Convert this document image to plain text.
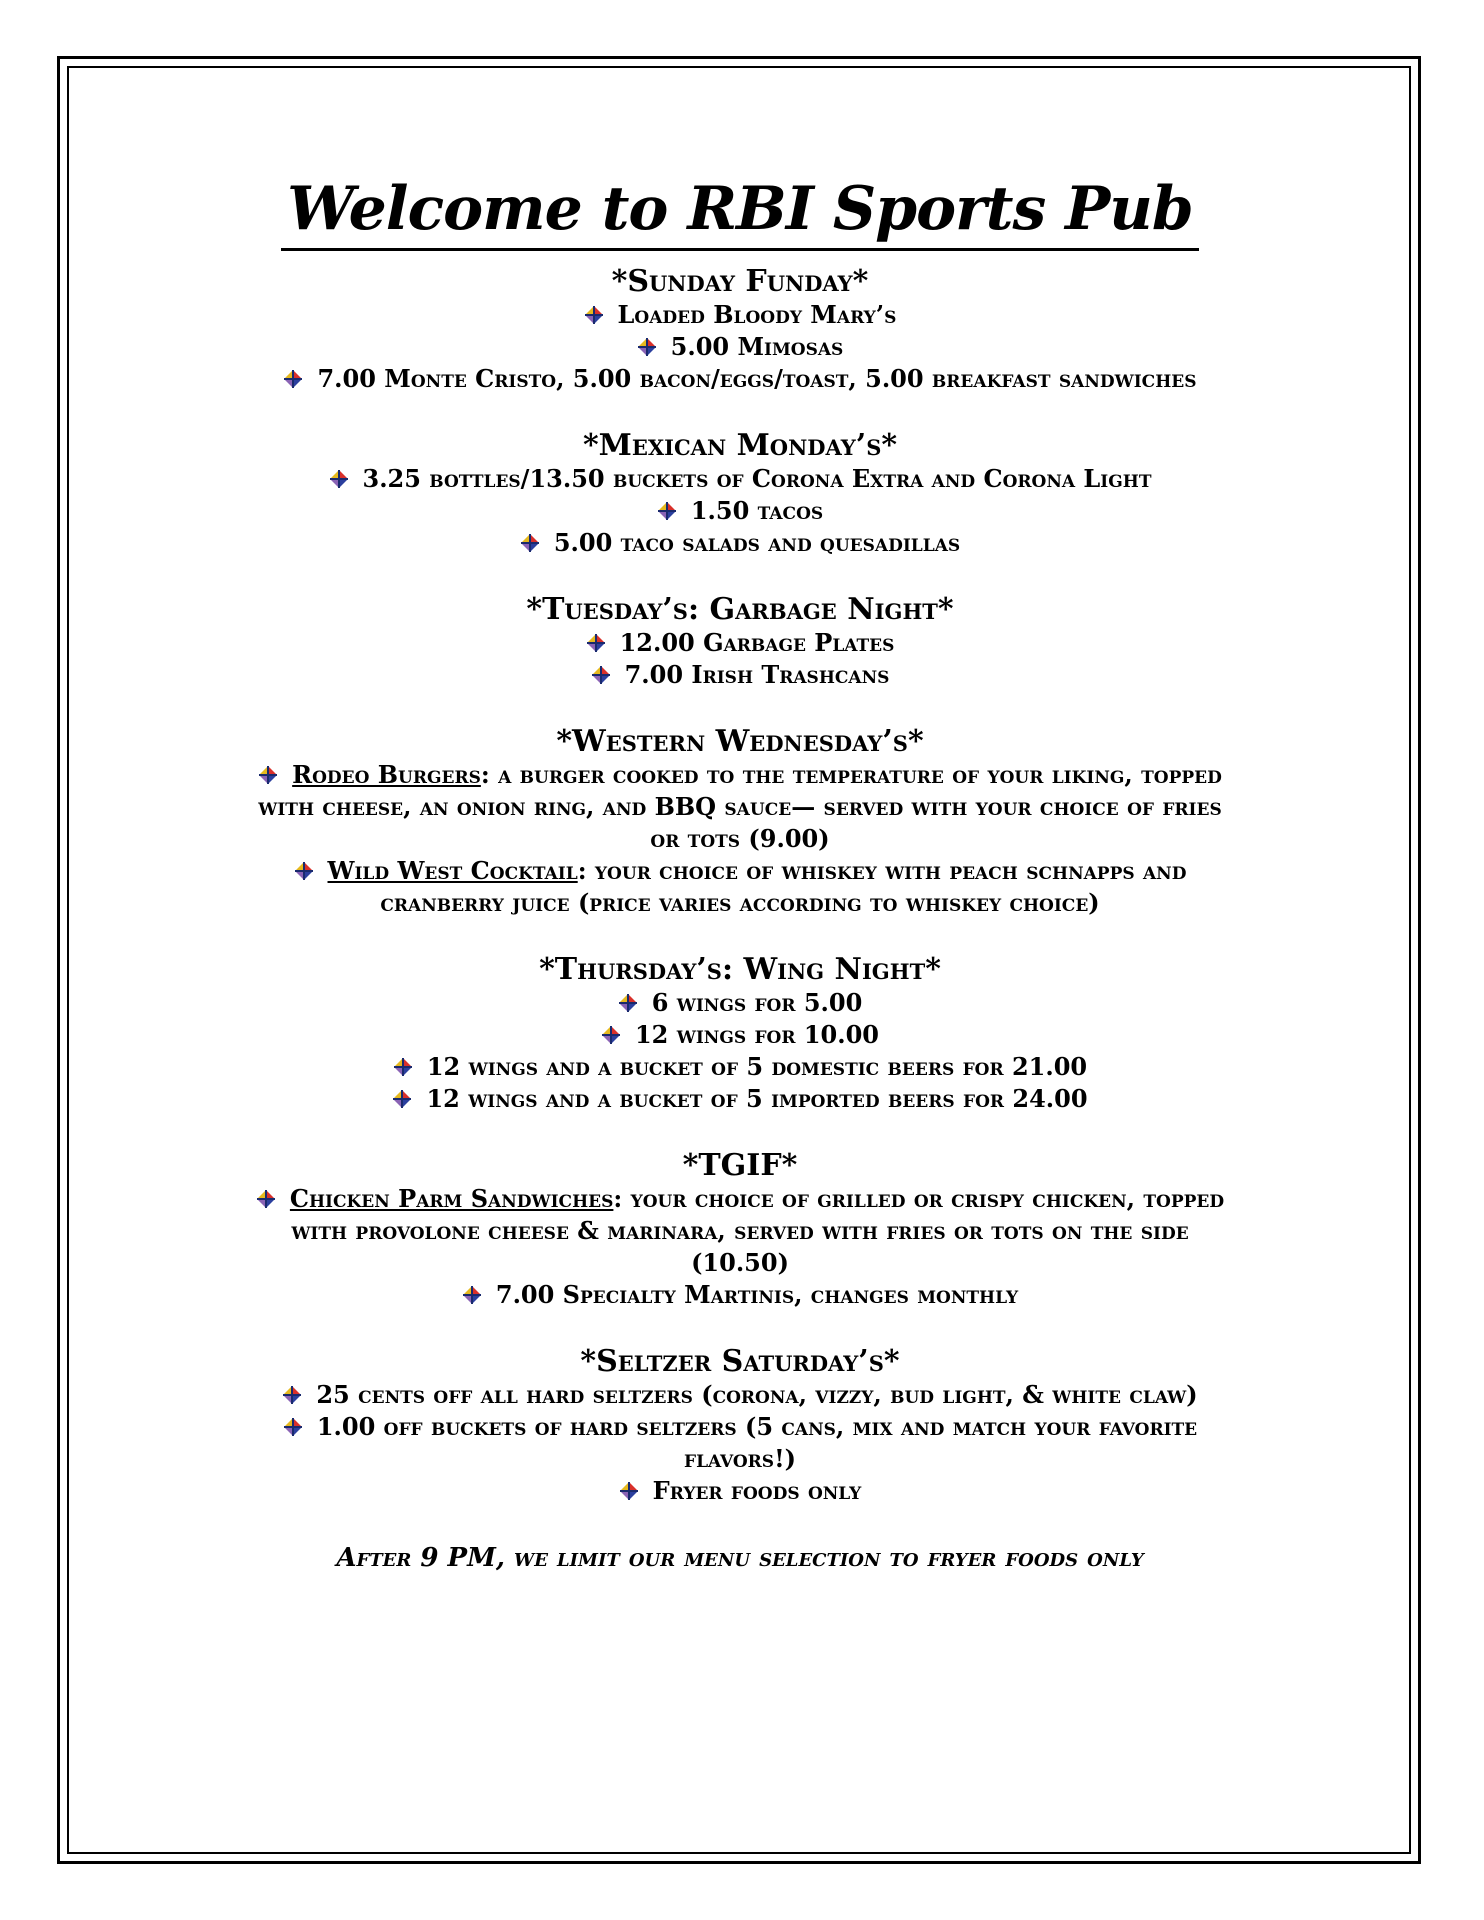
Welcome to RBI Sports Pub
*Sunday Funday*
Loaded Bloody Mary’s
5.00 Mimosas
7.00 Monte Cristo, 5.00 bacon/eggs/toast, 5.00 breakfast sandwiches
*Mexican Monday’s*
3.25 bottles/13.50 buckets of Corona Extra and Corona Light
1.50 tacos
5.00 taco salads and quesadillas
*Tuesday’s: Garbage Night*
12.00 Garbage Plates
7.00 Irish Trashcans
*Western Wednesday’s*
Rodeo Burgers: a burger cooked to the temperature of your liking, topped with cheese, an onion ring, and BBQ sauce— served with your choice of fries or tots (9.00)
Wild West Cocktail: your choice of whiskey with peach schnapps and cranberry juice (price varies according to whiskey choice)
*Thursday’s: Wing Night*
6 wings for 5.00
12 wings for 10.00
12 wings and a bucket of 5 domestic beers for 21.00
12 wings and a bucket of 5 imported beers for 24.00
*TGIF*
Chicken Parm Sandwiches: your choice of grilled or crispy chicken, topped with provolone cheese & marinara, served with fries or tots on the side (10.50)
7.00 Specialty Martinis, changes monthly
*Seltzer Saturday’s*
25 cents off all hard seltzers (corona, vizzy, bud light, & white claw)
1.00 off buckets of hard seltzers (5 cans, mix and match your favorite flavors!)
Fryer foods only
After 9 PM, we limit our menu selection to fryer foods only
